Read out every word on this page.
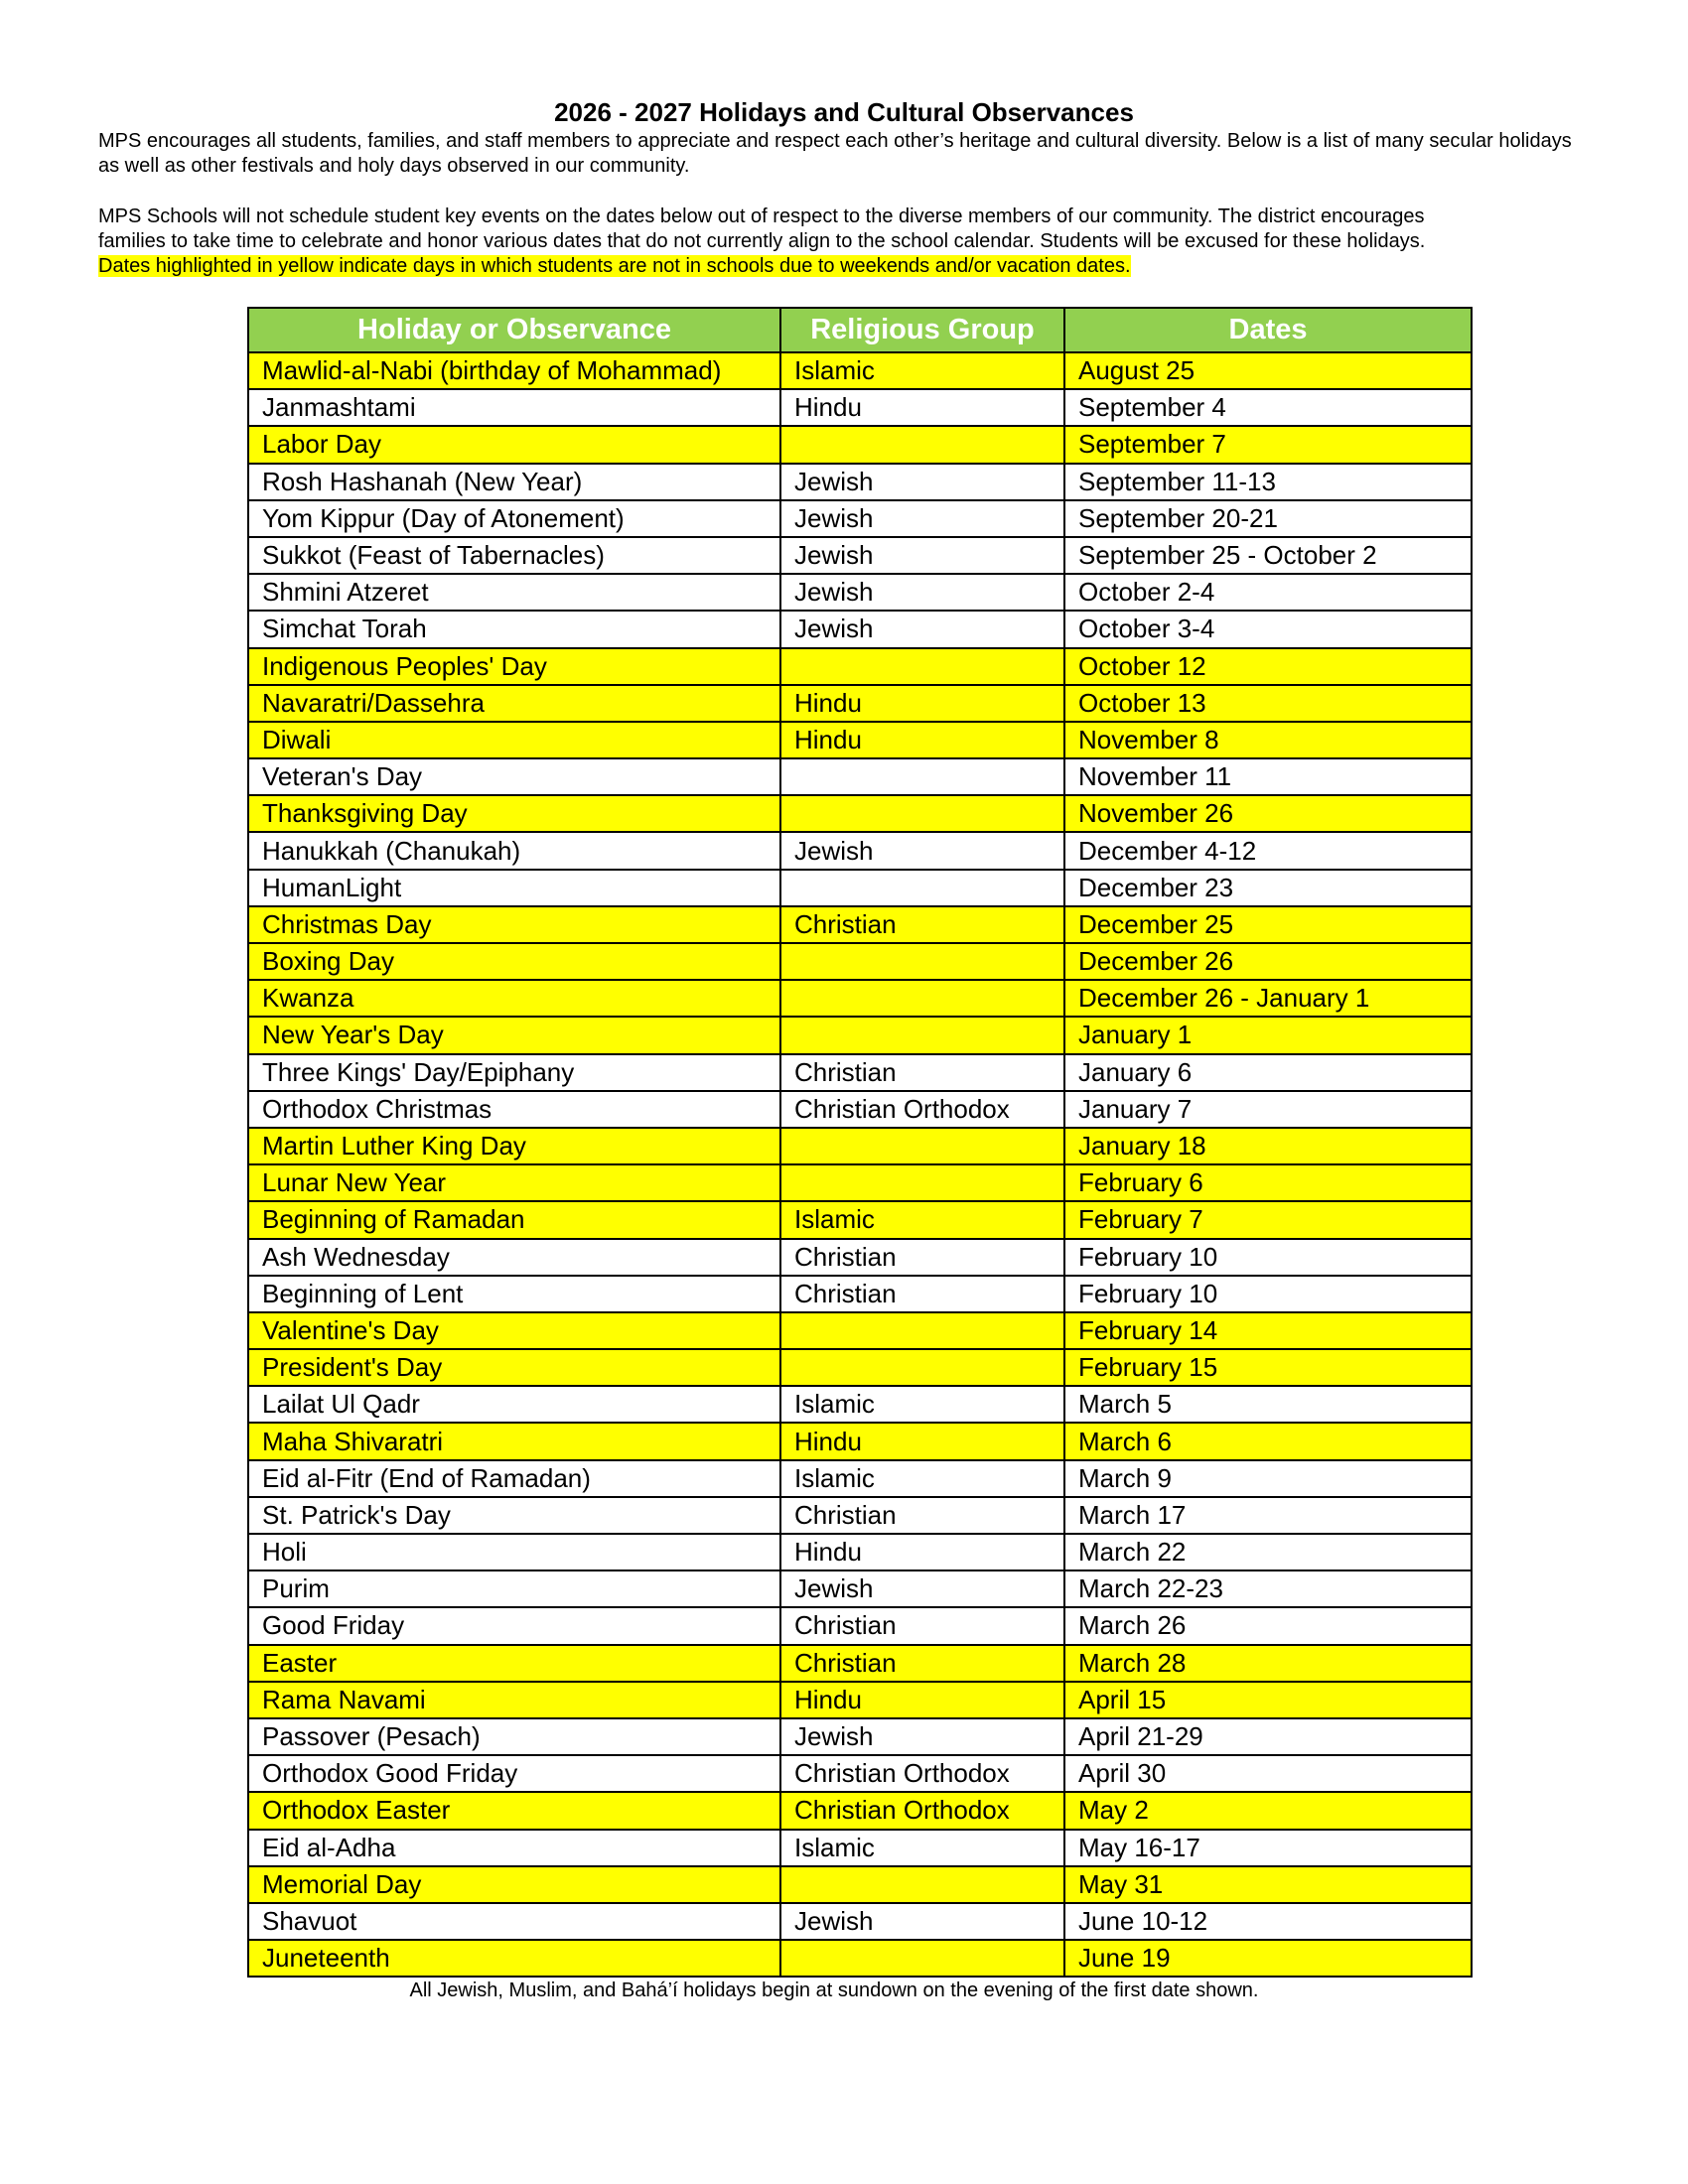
2026 - 2027 Holidays and Cultural Observances
MPS encourages all students, families, and staff members to appreciate and respect each other’s heritage and cultural diversity. Below is a list of many secular holidays as well as other festivals and holy days observed in our community.
MPS Schools will not schedule student key events on the dates below out of respect to the diverse members of our community. The district encourages
families to take time to celebrate and honor various dates that do not currently align to the school calendar. Students will be excused for these holidays.
Dates highlighted in yellow indicate days in which students are not in schools due to weekends and/or vacation dates.
Holiday or Observance	Religious Group	Dates
Mawlid-al-Nabi (birthday of Mohammad)	Islamic	August 25
Janmashtami	Hindu	September 4
Labor Day		September 7
Rosh Hashanah (New Year)	Jewish	September 11-13
Yom Kippur (Day of Atonement)	Jewish	September 20-21
Sukkot (Feast of Tabernacles)	Jewish	September 25 - October 2
Shmini Atzeret	Jewish	October 2-4
Simchat Torah	Jewish	October 3-4
Indigenous Peoples' Day		October 12
Navaratri/Dassehra	Hindu	October 13
Diwali	Hindu	November 8
Veteran's Day		November 11
Thanksgiving Day		November 26
Hanukkah (Chanukah)	Jewish	December 4-12
HumanLight		December 23
Christmas Day	Christian	December 25
Boxing Day		December 26
Kwanza		December 26 - January 1
New Year's Day		January 1
Three Kings' Day/Epiphany	Christian	January 6
Orthodox Christmas	Christian Orthodox	January 7
Martin Luther King Day		January 18
Lunar New Year		February 6
Beginning of Ramadan	Islamic	February 7
Ash Wednesday	Christian	February 10
Beginning of Lent	Christian	February 10
Valentine's Day		February 14
President's Day		February 15
Lailat Ul Qadr	Islamic	March 5
Maha Shivaratri	Hindu	March 6
Eid al-Fitr (End of Ramadan)	Islamic	March 9
St. Patrick's Day	Christian	March 17
Holi	Hindu	March 22
Purim	Jewish	March 22-23
Good Friday	Christian	March 26
Easter	Christian	March 28
Rama Navami	Hindu	April 15
Passover (Pesach)	Jewish	April 21-29
Orthodox Good Friday	Christian Orthodox	April 30
Orthodox Easter	Christian Orthodox	May 2
Eid al-Adha	Islamic	May 16-17
Memorial Day		May 31
Shavuot	Jewish	June 10-12
Juneteenth		June 19
All Jewish, Muslim, and Bahá’í holidays begin at sundown on the evening of the first date shown.
